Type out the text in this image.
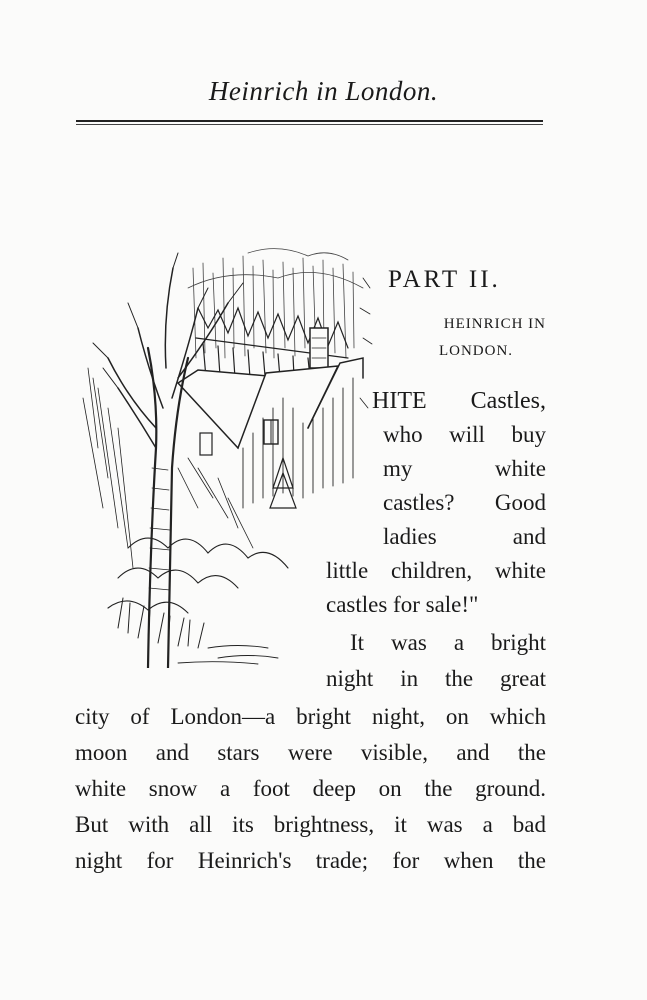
Heinrich in London.
PART II.
HEINRICH IN
LONDON.
HITE Castles,
who will buy
my white
castles? Good
ladies and
little children, white
castles for sale!"
It was a bright
night in the great
city of London—a bright night, on which
moon and stars were visible, and the
white snow a foot deep on the ground.
But with all its brightness, it was a bad
night for Heinrich's trade; for when the
